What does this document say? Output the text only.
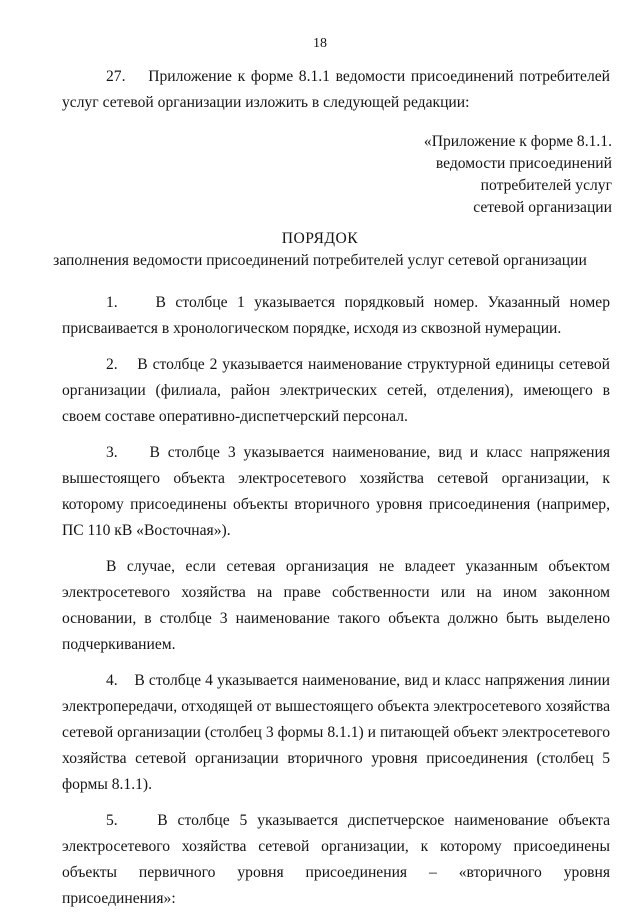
18

27.    Приложение к форме 8.1.1 ведомости присоединений потребителей услуг сетевой организации изложить в следующей редакции:

«Приложение к форме 8.1.1.
ведомости присоединений
потребителей услуг
сетевой организации
ПОРЯДОК
заполнения ведомости присоединений потребителей услуг сетевой организации

1.    В столбце 1 указывается порядковый номер. Указанный номер присваивается в хронологическом порядке, исходя из сквозной нумерации.

2.    В столбце 2 указывается наименование структурной единицы сетевой организации (филиала, район электрических сетей, отделения), имеющего в своем составе оперативно-диспетчерский персонал.

3.    В столбце 3 указывается наименование, вид и класс напряжения вышестоящего объекта электросетевого хозяйства сетевой организации, к которому присоединены объекты вторичного уровня присоединения (например, ПС 110 кВ «Восточная»).

В случае, если сетевая организация не владеет указанным объектом электросетевого хозяйства на праве собственности или на ином законном основании, в столбце 3 наименование такого объекта должно быть выделено подчеркиванием.

4.    В столбце 4 указывается наименование, вид и класс напряжения линии электропередачи, отходящей от вышестоящего объекта электросетевого хозяйства сетевой организации (столбец 3 формы 8.1.1) и питающей объект электросетевого хозяйства сетевой организации вторичного уровня присоединения (столбец 5 формы 8.1.1).

5.    В столбце 5 указывается диспетчерское наименование объекта электросетевого хозяйства сетевой организации, к которому присоединены объекты первичного уровня присоединения – «вторичного уровня присоединения»:
